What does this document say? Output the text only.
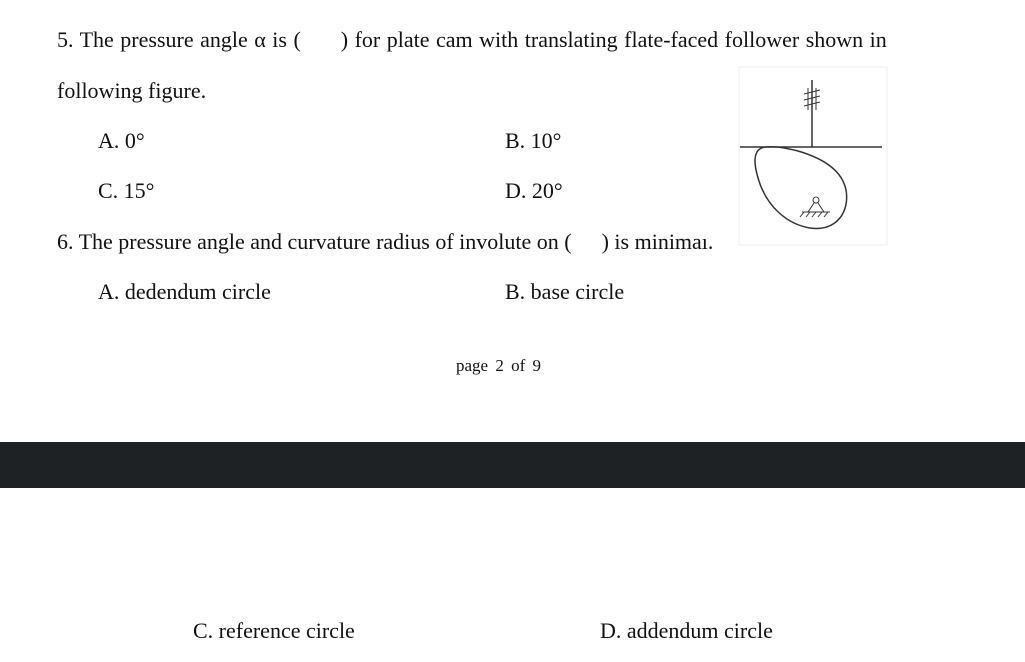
5. The pressure angle α is ( ) for plate cam with translating flate-faced follower shown in
following figure.
A. 0°	B. 10°
C. 15°	D. 20°
6. The pressure angle and curvature radius of involute on ( ) is minimaı.
A. dedendum circle	B. base circle
page 2 of 9
C. reference circle	D. addendum circle
